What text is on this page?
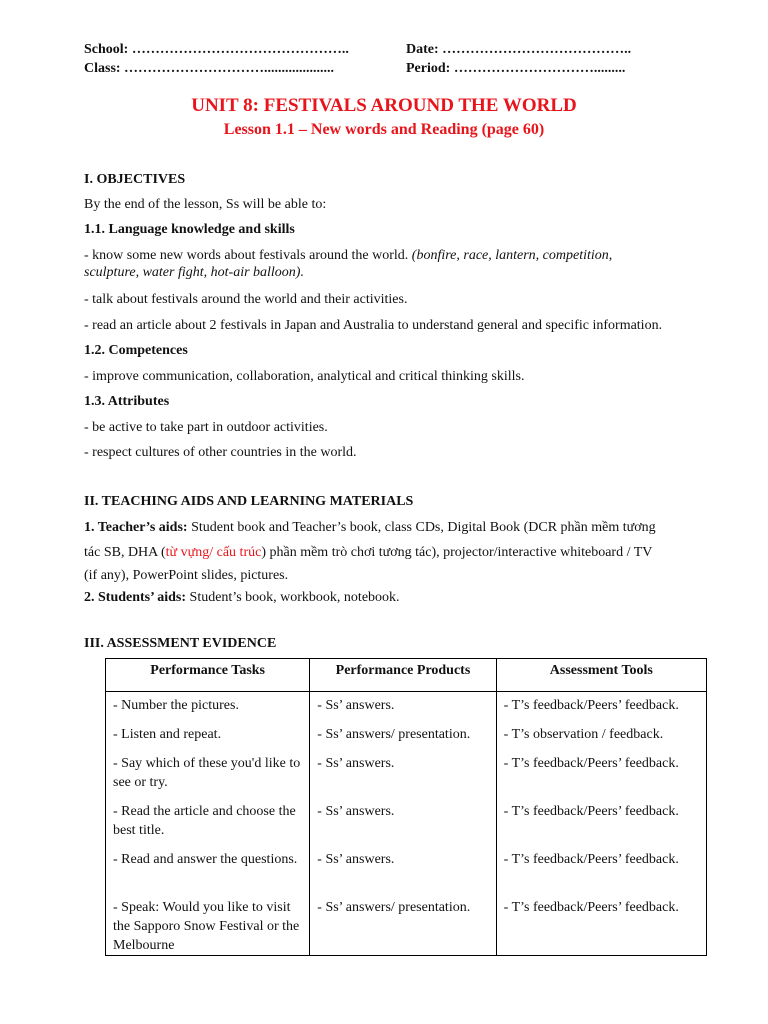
School: ………………………………………..	Date: …………………………………..
Class: …………………………....................	Period: ………………………….........
UNIT 8: FESTIVALS AROUND THE WORLD
Lesson 1.1 – New words and Reading (page 60)
I. OBJECTIVES
By the end of the lesson, Ss will be able to:
1.1. Language knowledge and skills
- know some new words about festivals around the world. (bonfire, race, lantern, competition,
sculpture, water fight, hot-air balloon).
- talk about festivals around the world and their activities.
- read an article about 2 festivals in Japan and Australia to understand general and specific information.
1.2. Competences
- improve communication, collaboration, analytical and critical thinking skills.
1.3. Attributes
- be active to take part in outdoor activities.
- respect cultures of other countries in the world.
II. TEACHING AIDS AND LEARNING MATERIALS
1. Teacher’s aids: Student book and Teacher’s book, class CDs, Digital Book (DCR phần mềm tương
tác SB, DHA (từ vựng/ cấu trúc) phần mềm trò chơi tương tác), projector/interactive whiteboard / TV
(if any), PowerPoint slides, pictures.
2. Students’ aids: Student’s book, workbook, notebook.
III. ASSESSMENT EVIDENCE
Performance Tasks	Performance Products	Assessment Tools
- Number the pictures.	- Ss’ answers.	- T’s feedback/Peers’ feedback.
- Listen and repeat.	- Ss’ answers/ presentation.	- T’s observation / feedback.
- Say which of these you'd like to see or try.	- Ss’ answers.	- T’s feedback/Peers’ feedback.
- Read the article and choose the best title.	- Ss’ answers.	- T’s feedback/Peers’ feedback.
- Read and answer the questions.	- Ss’ answers.	- T’s feedback/Peers’ feedback.
- Speak: Would you like to visit the Sapporo Snow Festival or the Melbourne	- Ss’ answers/ presentation.	- T’s feedback/Peers’ feedback.
